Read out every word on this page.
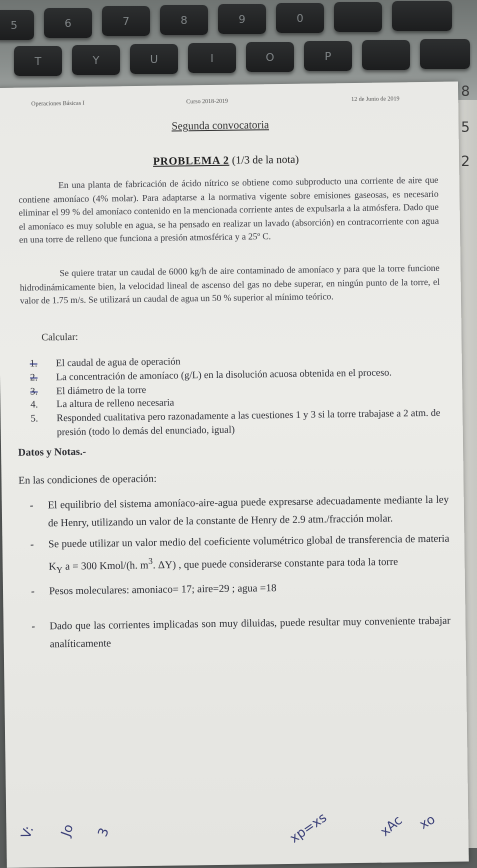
5	6	7	8	9	0
T	Y	U	I	O	P
8
5
2
Operaciones Básicas I	Curso 2018-2019	12 de Junio de 2019
Segunda convocatoria
PROBLEMA 2 (1/3 de la nota)

En una planta de fabricación de ácido nítrico se obtiene como subproducto una corriente de aire que contiene amoníaco (4% molar). Para adaptarse a la normativa vigente sobre emisiones gaseosas, es necesario eliminar el 99 % del amoníaco contenido en la mencionada corriente antes de expulsarla a la atmósfera. Dado que el amoníaco es muy soluble en agua, se ha pensado en realizar un lavado (absorción) en contracorriente con agua en una torre de relleno que funciona a presión atmosférica y a 25º C.

Se quiere tratar un caudal de 6000 kg/h de aire contaminado de amoníaco y para que la torre funcione hidrodinámicamente bien, la velocidad lineal de ascenso del gas no debe superar, en ningún punto de la torre, el valor de 1.75 m/s. Se utilizará un caudal de agua un 50 % superior al mínimo teórico.

Calcular:
1. El caudal de agua de operación
2. La concentración de amoníaco (g/L) en la disolución acuosa obtenida en el proceso.
3. El diámetro de la torre
4. La altura de relleno necesaria
5. Responded cualitativa pero razonadamente a las cuestiones 1 y 3 si la torre trabajase a 2 atm. de presión (todo lo demás del enunciado, igual)
Datos y Notas.-
En las condiciones de operación:
- El equilibrio del sistema amoníaco-aire-agua puede expresarse adecuadamente mediante la ley de Henry, utilizando un valor de la constante de Henry de 2.9 atm./fracción molar.
- Se puede utilizar un valor medio del coeficiente volumétrico global de transferencia de materia $K_Y$ a = 300 Kmol/(h. $m^3$. ΔY) , que puede considerarse constante para toda la torre
- Pesos moleculares: amoniaco= 17; aire=29 ; agua =18
- Dado que las corrientes implicadas son muy diluidas, puede resultar muy conveniente trabajar analíticamente
V: Jo 3	xp=xs	xAc xo
